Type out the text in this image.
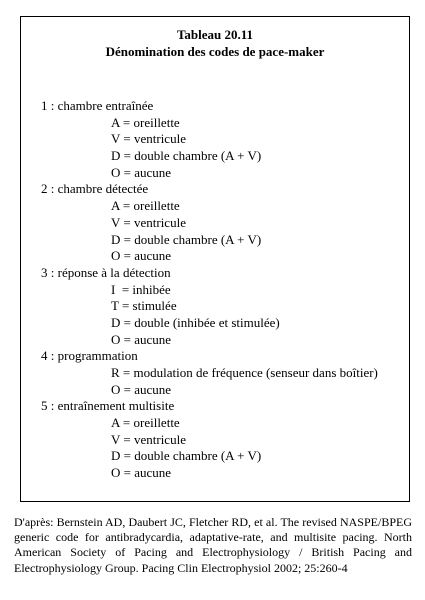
Tableau 20.11
Dénomination des codes de pace-maker
1 : chambre entraînée
A = oreillette
V = ventricule
D = double chambre (A + V)
O = aucune
2 : chambre détectée
A = oreillette
V = ventricule
D = double chambre (A + V)
O = aucune
3 : réponse à la détection
I  = inhibée
T = stimulée
D = double (inhibée et stimulée)
O = aucune
4 : programmation
R = modulation de fréquence (senseur dans boîtier)
O = aucune
5 : entraînement multisite
A = oreillette
V = ventricule
D = double chambre (A + V)
O = aucune
D'après: Bernstein AD, Daubert JC, Fletcher RD, et al. The revised NASPE/BPEG generic code for antibradycardia, adaptative-rate, and multisite pacing. North American Society of Pacing and Electrophysiology / British Pacing and Electrophysiology Group. Pacing Clin Electrophysiol 2002; 25:260-4
